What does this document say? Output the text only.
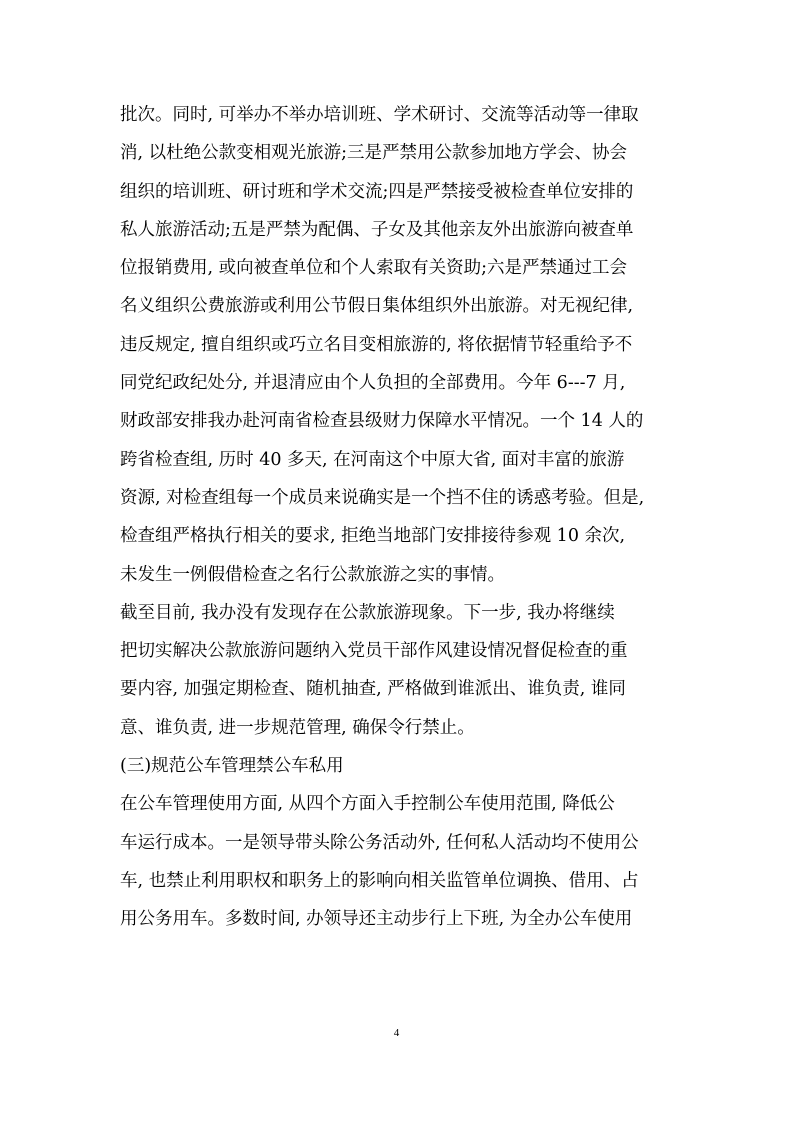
批次。同时, 可举办不举办培训班、学术研讨、交流等活动等一律取
消, 以杜绝公款变相观光旅游;三是严禁用公款参加地方学会、协会
组织的培训班、研讨班和学术交流;四是严禁接受被检查单位安排的
私人旅游活动;五是严禁为配偶、子女及其他亲友外出旅游向被查单
位报销费用, 或向被查单位和个人索取有关资助;六是严禁通过工会
名义组织公费旅游或利用公节假日集体组织外出旅游。对无视纪律,
违反规定, 擅自组织或巧立名目变相旅游的, 将依据情节轻重给予不
同党纪政纪处分, 并退清应由个人负担的全部费用。今年 6---7 月,
财政部安排我办赴河南省检查县级财力保障水平情况。一个 14 人的
跨省检查组, 历时 40 多天, 在河南这个中原大省, 面对丰富的旅游
资源, 对检查组每一个成员来说确实是一个挡不住的诱惑考验。但是,
检查组严格执行相关的要求, 拒绝当地部门安排接待参观 10 余次,
未发生一例假借检查之名行公款旅游之实的事情。
截至目前, 我办没有发现存在公款旅游现象。下一步, 我办将继续
把切实解决公款旅游问题纳入党员干部作风建设情况督促检查的重
要内容, 加强定期检查、随机抽查, 严格做到谁派出、谁负责, 谁同
意、谁负责, 进一步规范管理, 确保令行禁止。
(三)规范公车管理禁公车私用
在公车管理使用方面, 从四个方面入手控制公车使用范围, 降低公
车运行成本。一是领导带头除公务活动外, 任何私人活动均不使用公
车, 也禁止利用职权和职务上的影响向相关监管单位调换、借用、占
用公务用车。多数时间, 办领导还主动步行上下班, 为全办公车使用
4
